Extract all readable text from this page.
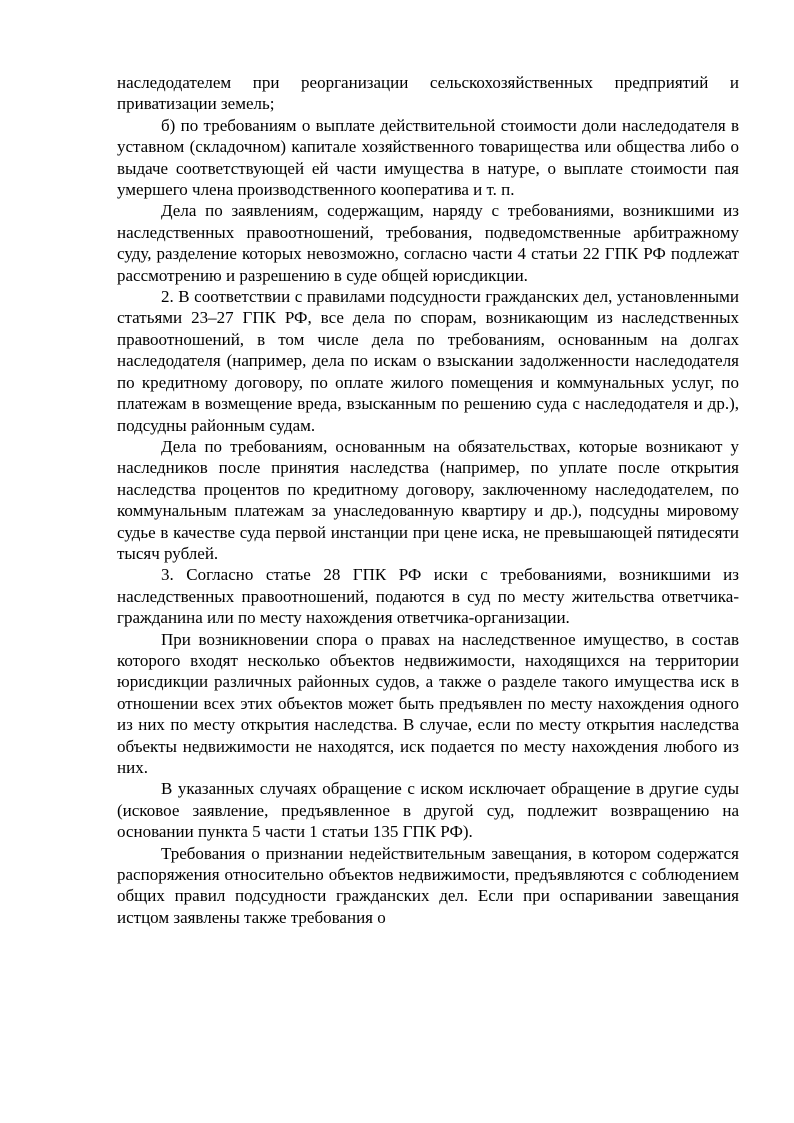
наследодателем при реорганизации сельскохозяйственных предприятий и приватизации земель;

б) по требованиям о выплате действительной стоимости доли наследодателя в уставном (складочном) капитале хозяйственного товарищества или общества либо о выдаче соответствующей ей части имущества в натуре, о выплате стоимости пая умершего члена производственного кооператива и т. п.

Дела по заявлениям, содержащим, наряду с требованиями, возникшими из наследственных правоотношений, требования, подведомственные арбитражному суду, разделение которых невозможно, согласно части 4 статьи 22 ГПК РФ подлежат рассмотрению и разрешению в суде общей юрисдикции.

2. В соответствии с правилами подсудности гражданских дел, установленными статьями 23–27 ГПК РФ, все дела по спорам, возникающим из наследственных правоотношений, в том числе дела по требованиям, основанным на долгах наследодателя (например, дела по искам о взыскании задолженности наследодателя по кредитному договору, по оплате жилого помещения и коммунальных услуг, по платежам в возмещение вреда, взысканным по решению суда с наследодателя и др.), подсудны районным судам.

Дела по требованиям, основанным на обязательствах, которые возникают у наследников после принятия наследства (например, по уплате после открытия наследства процентов по кредитному договору, заключенному наследодателем, по коммунальным платежам за унаследованную квартиру и др.), подсудны мировому судье в качестве суда первой инстанции при цене иска, не превышающей пятидесяти тысяч рублей.

3. Согласно статье 28 ГПК РФ иски с требованиями, возникшими из наследственных правоотношений, подаются в суд по месту жительства ответчика-гражданина или по месту нахождения ответчика-организации.

При возникновении спора о правах на наследственное имущество, в состав которого входят несколько объектов недвижимости, находящихся на территории юрисдикции различных районных судов, а также о разделе такого имущества иск в отношении всех этих объектов может быть предъявлен по месту нахождения одного из них по месту открытия наследства. В случае, если по месту открытия наследства объекты недвижимости не находятся, иск подается по месту нахождения любого из них.

В указанных случаях обращение с иском исключает обращение в другие суды (исковое заявление, предъявленное в другой суд, подлежит возвращению на основании пункта 5 части 1 статьи 135 ГПК РФ).

Требования о признании недействительным завещания, в котором содержатся распоряжения относительно объектов недвижимости, предъявляются с соблюдением общих правил подсудности гражданских дел. Если при оспаривании завещания истцом заявлены также требования о
